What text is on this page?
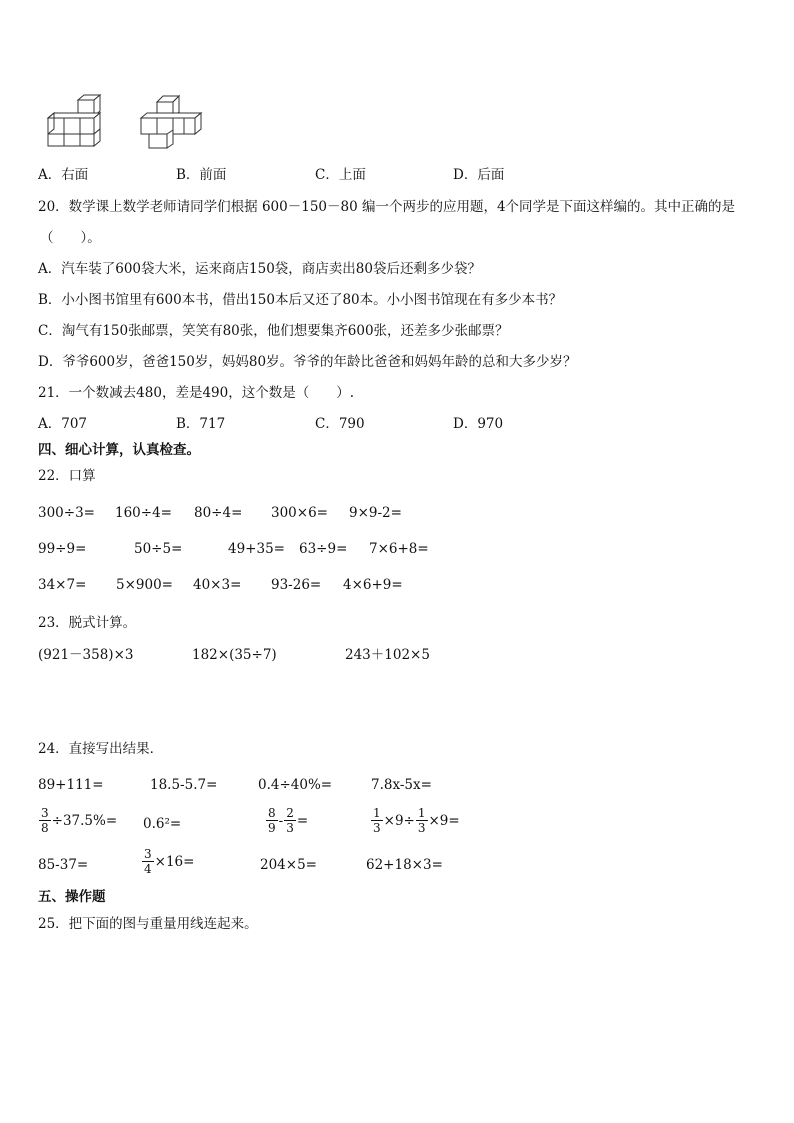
A．右面	B．前面	C．上面	D．后面
20．数学课上数学老师请同学们根据 600－150－80 编一个两步的应用题，4个同学是下面这样编的。其中正确的是
（　　）。
A．汽车装了600袋大米，运来商店150袋，商店卖出80袋后还剩多少袋？
B．小小图书馆里有600本书，借出150本后又还了80本。小小图书馆现在有多少本书？
C．淘气有150张邮票，笑笑有80张，他们想要集齐600张，还差多少张邮票？
D．爷爷600岁，爸爸150岁，妈妈80岁。爷爷的年龄比爸爸和妈妈年龄的总和大多少岁？
21．一个数减去480，差是490，这个数是（　　）.
A．707	B．717	C．790	D．970
四、细心计算，认真检查。
22．口算
300÷3= 160÷4= 80÷4= 300×6= 9×9-2=
99÷9=	50÷5=	49+35= 63÷9= 7×6+8=
34×7= 5×900= 40×3= 93-26= 4×6+9=
23．脱式计算。
(921－358)×3	182×(35÷7)	243＋102×5
24．直接写出结果．
89+111=	18.5-5.7=	0.4÷40%=	7.8x-5x=
$\frac{3}{8} \div 37.5\%= 0.6^2=$	$\frac{8}{9} - \frac{2}{3}$ =	$\frac{1}{3} \times 9\div \frac{1}{3} \times 9=$
85-37=	$\frac{3}{4} \times 16=$	204×5=	62+18×3=
五、操作题
25．把下面的图与重量用线连起来。
